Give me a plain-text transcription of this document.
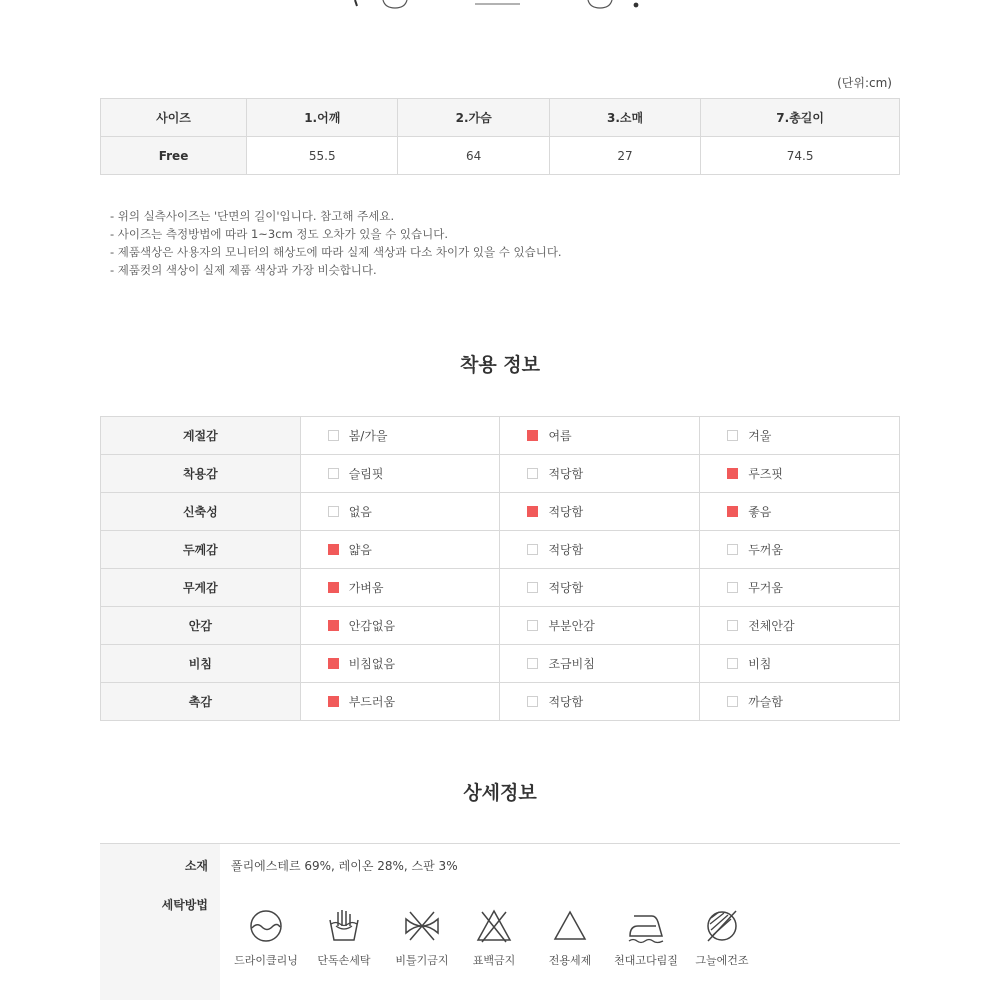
(단위:cm)
사이즈	1.어깨	2.가슴	3.소매	7.총길이
Free	55.5	64	27	74.5
- 위의 실측사이즈는 '단면의 길이'입니다. 참고해 주세요.
- 사이즈는 측정방법에 따라 1~3cm 정도 오차가 있을 수 있습니다.
- 제품색상은 사용자의 모니터의 해상도에 따라 실제 색상과 다소 차이가 있을 수 있습니다.
- 제품컷의 색상이 실제 제품 색상과 가장 비슷합니다.
착용 정보
계절감	봄/가을	여름	겨울
착용감	슬림핏	적당함	루즈핏
신축성	없음	적당함	좋음
두께감	얇음	적당함	두꺼움
무게감	가벼움	적당함	무거움
안감	안감없음	부분안감	전체안감
비침	비침없음	조금비침	비침
촉감	부드러움	적당함	까슬함
상세정보
소재 폴리에스테르 69%, 레이온 28%, 스판 3%
세탁방법
드라이클리닝	단독손세탁	비틀기금지	표백금지	전용세제	천대고다림질	그늘에건조
